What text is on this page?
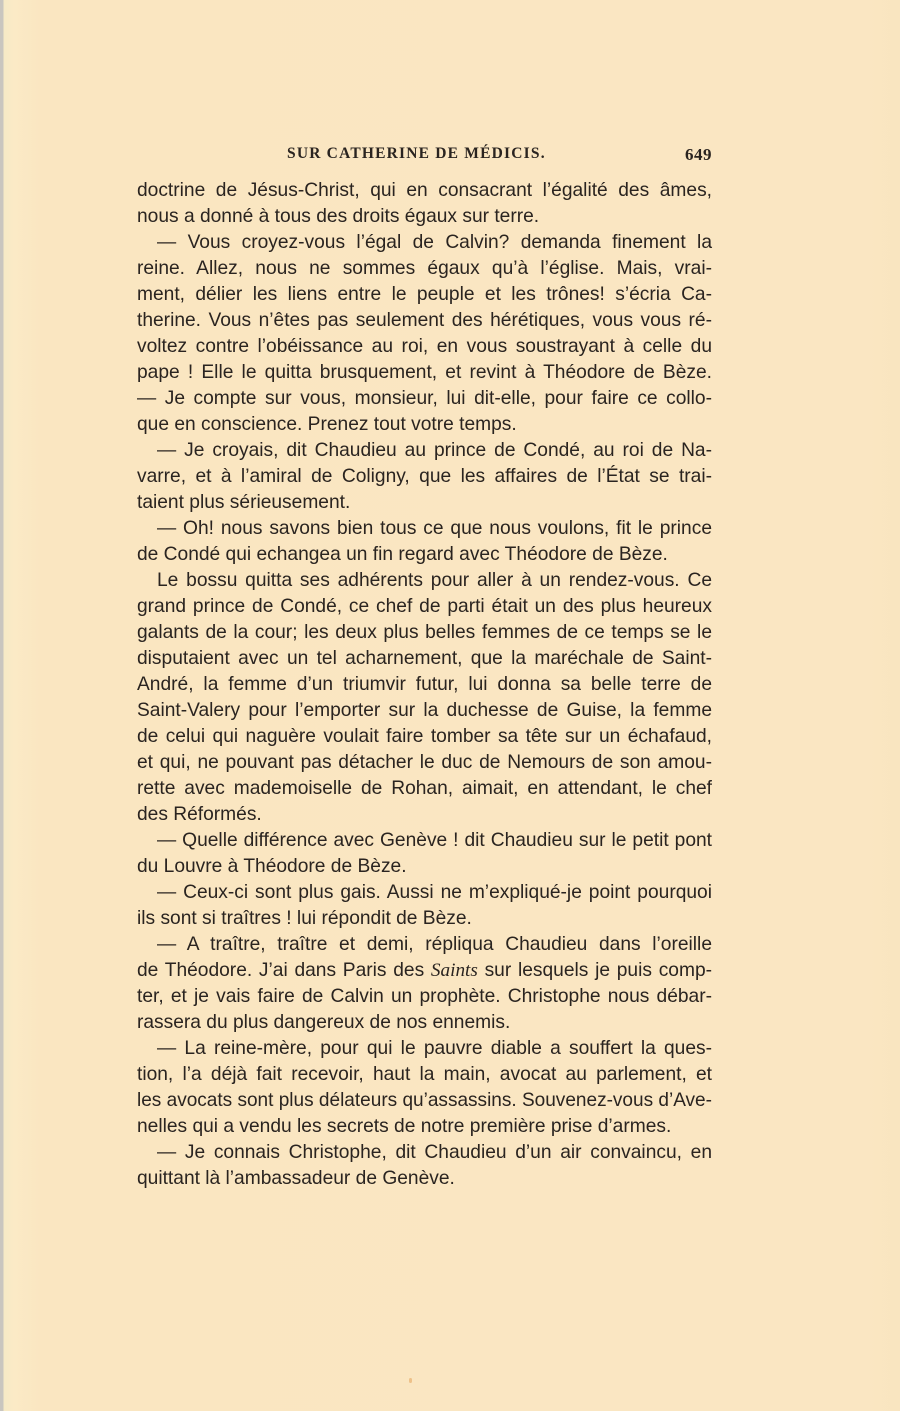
SUR CATHERINE DE MÉDICIS.	649
doctrine de Jésus-Christ, qui en consacrant l’égalité des âmes,
nous a donné à tous des droits égaux sur terre.
— Vous croyez-vous l’égal de Calvin? demanda finement la
reine. Allez, nous ne sommes égaux qu’à l’église. Mais, vrai-
ment, délier les liens entre le peuple et les trônes! s’écria Ca-
therine. Vous n’êtes pas seulement des hérétiques, vous vous ré-
voltez contre l’obéissance au roi, en vous soustrayant à celle du
pape ! Elle le quitta brusquement, et revint à Théodore de Bèze.
— Je compte sur vous, monsieur, lui dit-elle, pour faire ce collo-
que en conscience. Prenez tout votre temps.
— Je croyais, dit Chaudieu au prince de Condé, au roi de Na-
varre, et à l’amiral de Coligny, que les affaires de l’État se trai-
taient plus sérieusement.
— Oh! nous savons bien tous ce que nous voulons, fit le prince
de Condé qui echangea un fin regard avec Théodore de Bèze.
Le bossu quitta ses adhérents pour aller à un rendez-vous. Ce
grand prince de Condé, ce chef de parti était un des plus heureux
galants de la cour; les deux plus belles femmes de ce temps se le
disputaient avec un tel acharnement, que la maréchale de Saint-
André, la femme d’un triumvir futur, lui donna sa belle terre de
Saint-Valery pour l’emporter sur la duchesse de Guise, la femme
de celui qui naguère voulait faire tomber sa tête sur un échafaud,
et qui, ne pouvant pas détacher le duc de Nemours de son amou-
rette avec mademoiselle de Rohan, aimait, en attendant, le chef
des Réformés.
— Quelle différence avec Genève ! dit Chaudieu sur le petit pont
du Louvre à Théodore de Bèze.
— Ceux-ci sont plus gais. Aussi ne m’expliqué-je point pourquoi
ils sont si traîtres ! lui répondit de Bèze.
— A traître, traître et demi, répliqua Chaudieu dans l’oreille
de Théodore. J’ai dans Paris des Saints sur lesquels je puis comp-
ter, et je vais faire de Calvin un prophète. Christophe nous débar-
rassera du plus dangereux de nos ennemis.
— La reine-mère, pour qui le pauvre diable a souffert la ques-
tion, l’a déjà fait recevoir, haut la main, avocat au parlement, et
les avocats sont plus délateurs qu’assassins. Souvenez-vous d’Ave-
nelles qui a vendu les secrets de notre première prise d’armes.
— Je connais Christophe, dit Chaudieu d’un air convaincu, en
quittant là l’ambassadeur de Genève.
